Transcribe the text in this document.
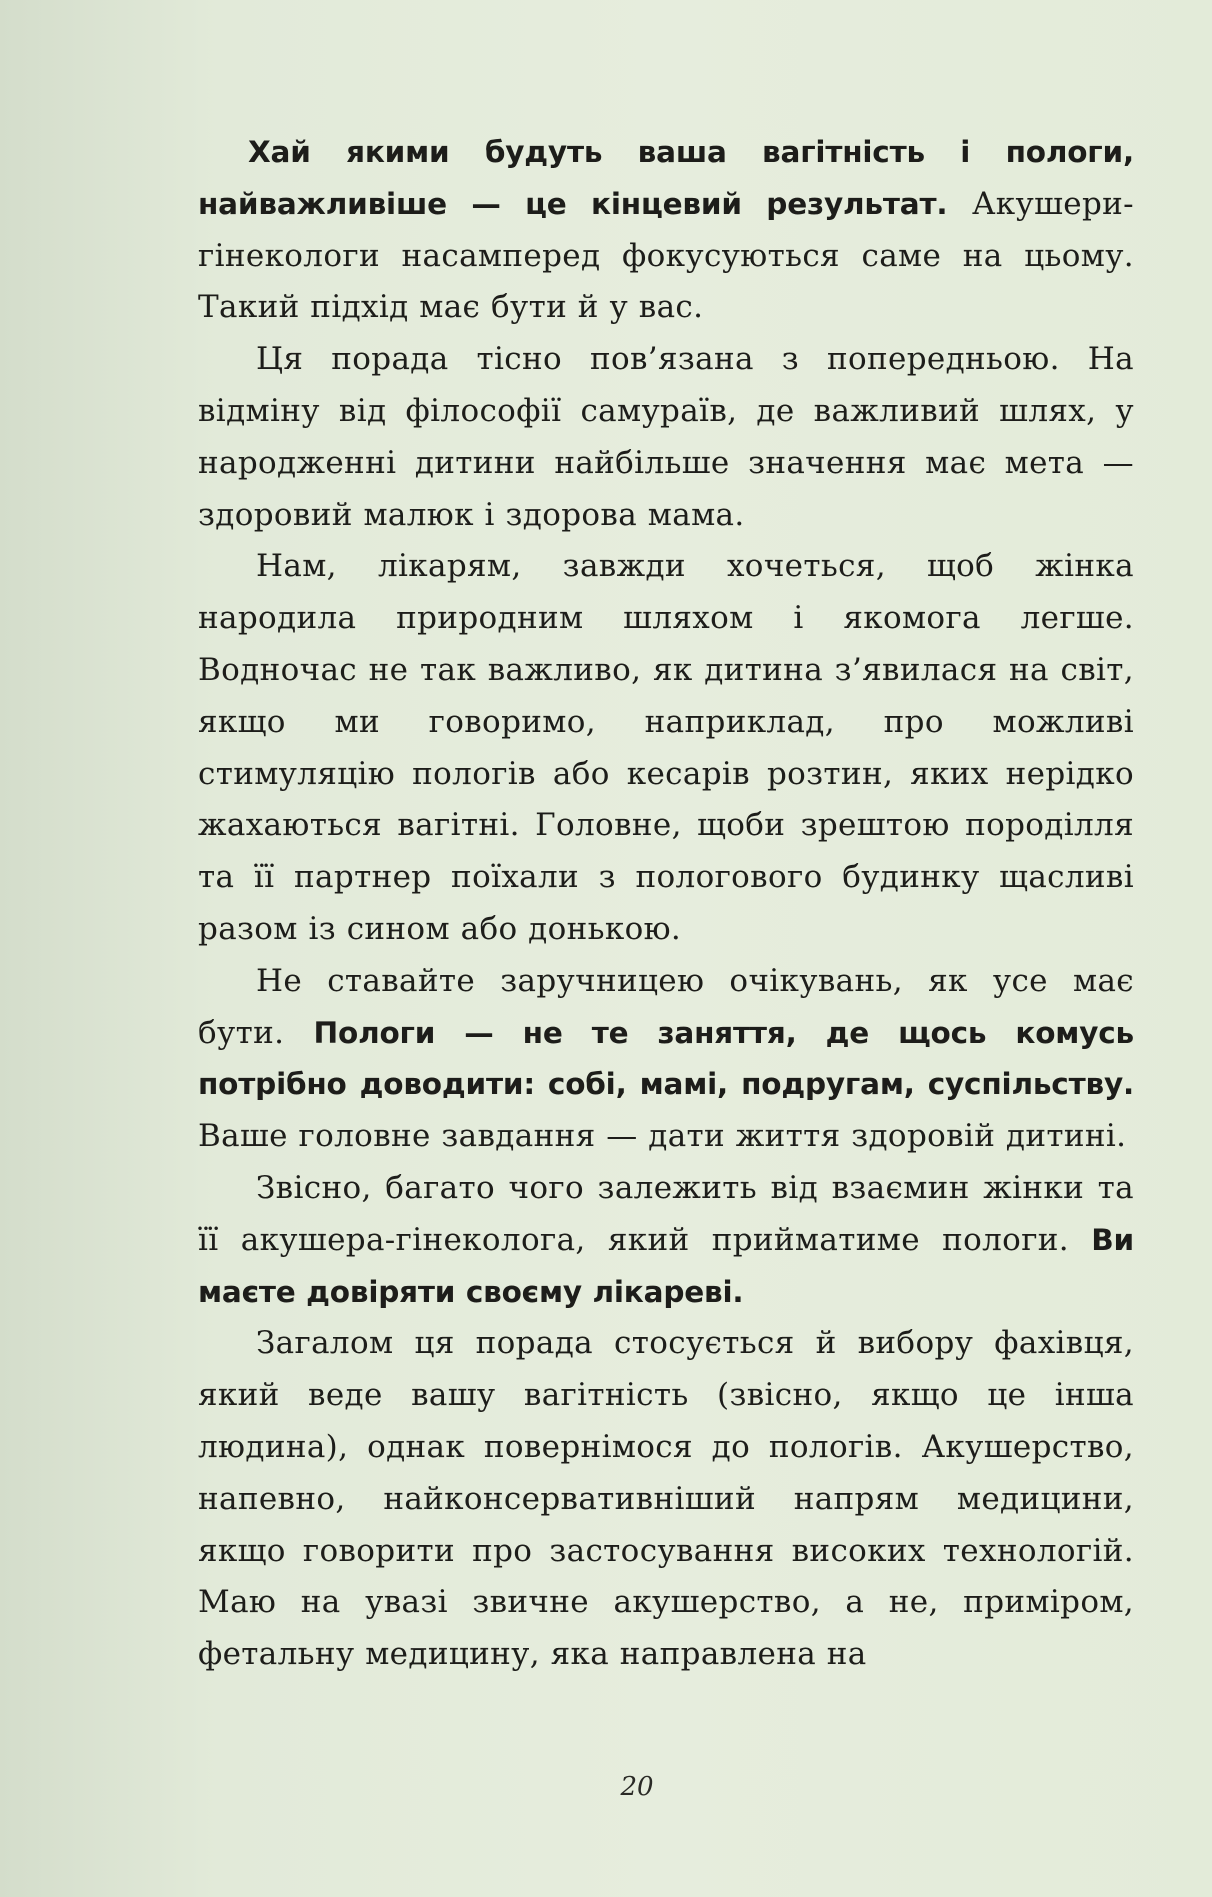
Хай якими будуть ваша вагітність і пологи, найважливіше — це кінцевий результат. Акушери-гінекологи насамперед фокусуються саме на цьому. Такий підхід має бути й у вас.

Ця порада тісно пов’язана з попередньою. На відміну від філософії самураїв, де важливий шлях, у народженні дитини найбільше значення має мета — здоровий малюк і здорова мама.

Нам, лікарям, завжди хочеться, щоб жінка народила природним шляхом і якомога легше. Водночас не так важливо, як дитина з’явилася на світ, якщо ми говоримо, наприклад, про можливі стимуляцію пологів або кесарів розтин, яких нерідко жахаються вагітні. Головне, щоби зрештою породілля та її партнер поїхали з пологового будинку щасливі разом із сином або донькою.

Не ставайте заручницею очікувань, як усе має бути. Пологи — не те заняття, де щось комусь потрібно доводити: собі, мамі, подругам, суспільству. Ваше головне завдання — дати життя здоровій дитині.

Звісно, багато чого залежить від взаємин жінки та її акушера-гінеколога, який прийматиме пологи. Ви маєте довіряти своєму лікареві.

Загалом ця порада стосується й вибору фахівця, який веде вашу вагітність (звісно, якщо це інша людина), однак повернімося до пологів. Акушерство, напевно, найконсервативніший напрям медицини, якщо говорити про застосування високих технологій. Маю на увазі звичне акушерство, а не, приміром, фетальну медицину, яка направлена на

20
